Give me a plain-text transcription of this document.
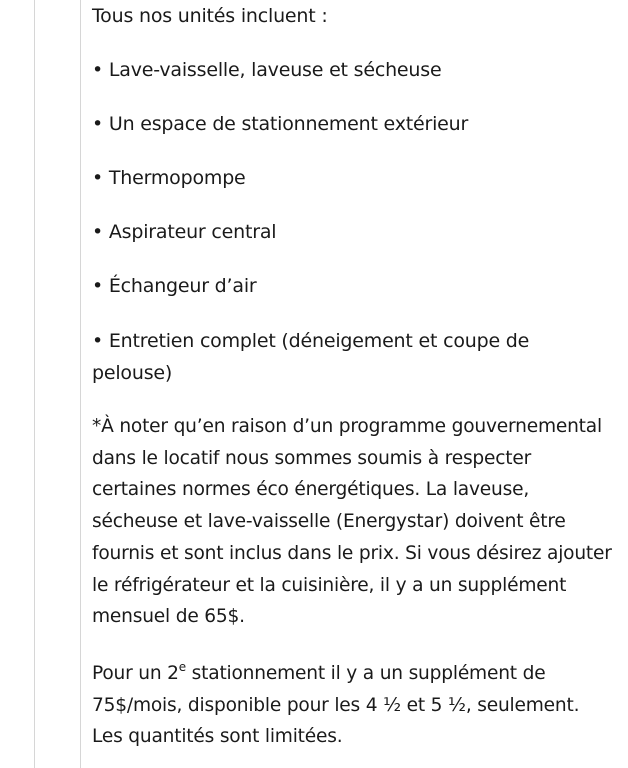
Tous nos unités incluent :
• Lave-vaisselle, laveuse et sécheuse
• Un espace de stationnement extérieur
• Thermopompe
• Aspirateur central
• Échangeur d’air
• Entretien complet (déneigement et coupe de pelouse)
*À noter qu’en raison d’un programme gouvernemental dans le locatif nous sommes soumis à respecter certaines normes éco énergétiques. La laveuse, sécheuse et lave-vaisselle (Energystar) doivent être fournis et sont inclus dans le prix. Si vous désirez ajouter le réfrigérateur et la cuisinière, il y a un supplément mensuel de 65$.
Pour un 2e stationnement il y a un supplément de 75$/mois, disponible pour les 4 ½ et 5 ½, seulement. Les quantités sont limitées.
